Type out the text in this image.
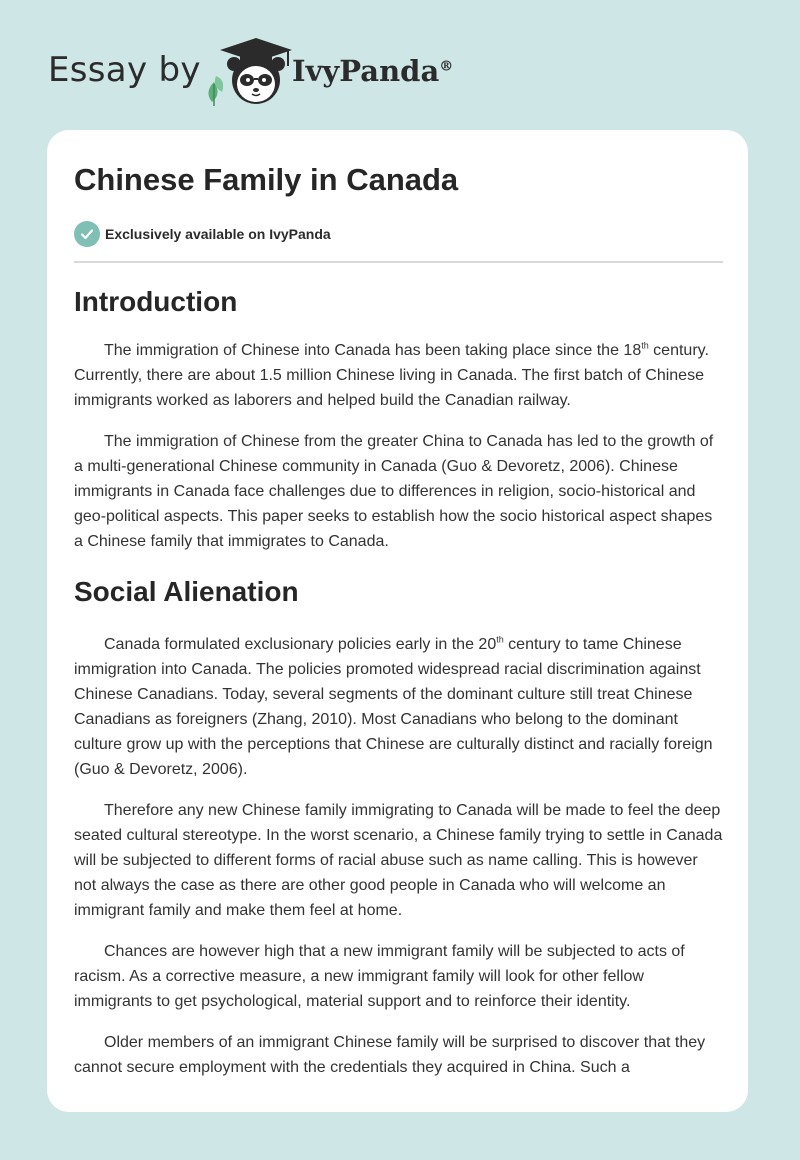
Essay by	IvyPanda®
Chinese Family in Canada
Exclusively available on IvyPanda
Introduction

The immigration of Chinese into Canada has been taking place since the 18th century. Currently, there are about 1.5 million Chinese living in Canada. The first batch of Chinese immigrants worked as laborers and helped build the Canadian railway.

The immigration of Chinese from the greater China to Canada has led to the growth of a multi-generational Chinese community in Canada (Guo & Devoretz, 2006). Chinese immigrants in Canada face challenges due to differences in religion, socio-historical and geo-political aspects. This paper seeks to establish how the socio historical aspect shapes a Chinese family that immigrates to Canada.

Social Alienation

Canada formulated exclusionary policies early in the 20th century to tame Chinese immigration into Canada. The policies promoted widespread racial discrimination against Chinese Canadians. Today, several segments of the dominant culture still treat Chinese Canadians as foreigners (Zhang, 2010). Most Canadians who belong to the dominant culture grow up with the perceptions that Chinese are culturally distinct and racially foreign (Guo & Devoretz, 2006).

Therefore any new Chinese family immigrating to Canada will be made to feel the deep seated cultural stereotype. In the worst scenario, a Chinese family trying to settle in Canada will be subjected to different forms of racial abuse such as name calling. This is however not always the case as there are other good people in Canada who will welcome an immigrant family and make them feel at home.

Chances are however high that a new immigrant family will be subjected to acts of racism. As a corrective measure, a new immigrant family will look for other fellow immigrants to get psychological, material support and to reinforce their identity.

Older members of an immigrant Chinese family will be surprised to discover that they cannot secure employment with the credentials they acquired in China. Such a
